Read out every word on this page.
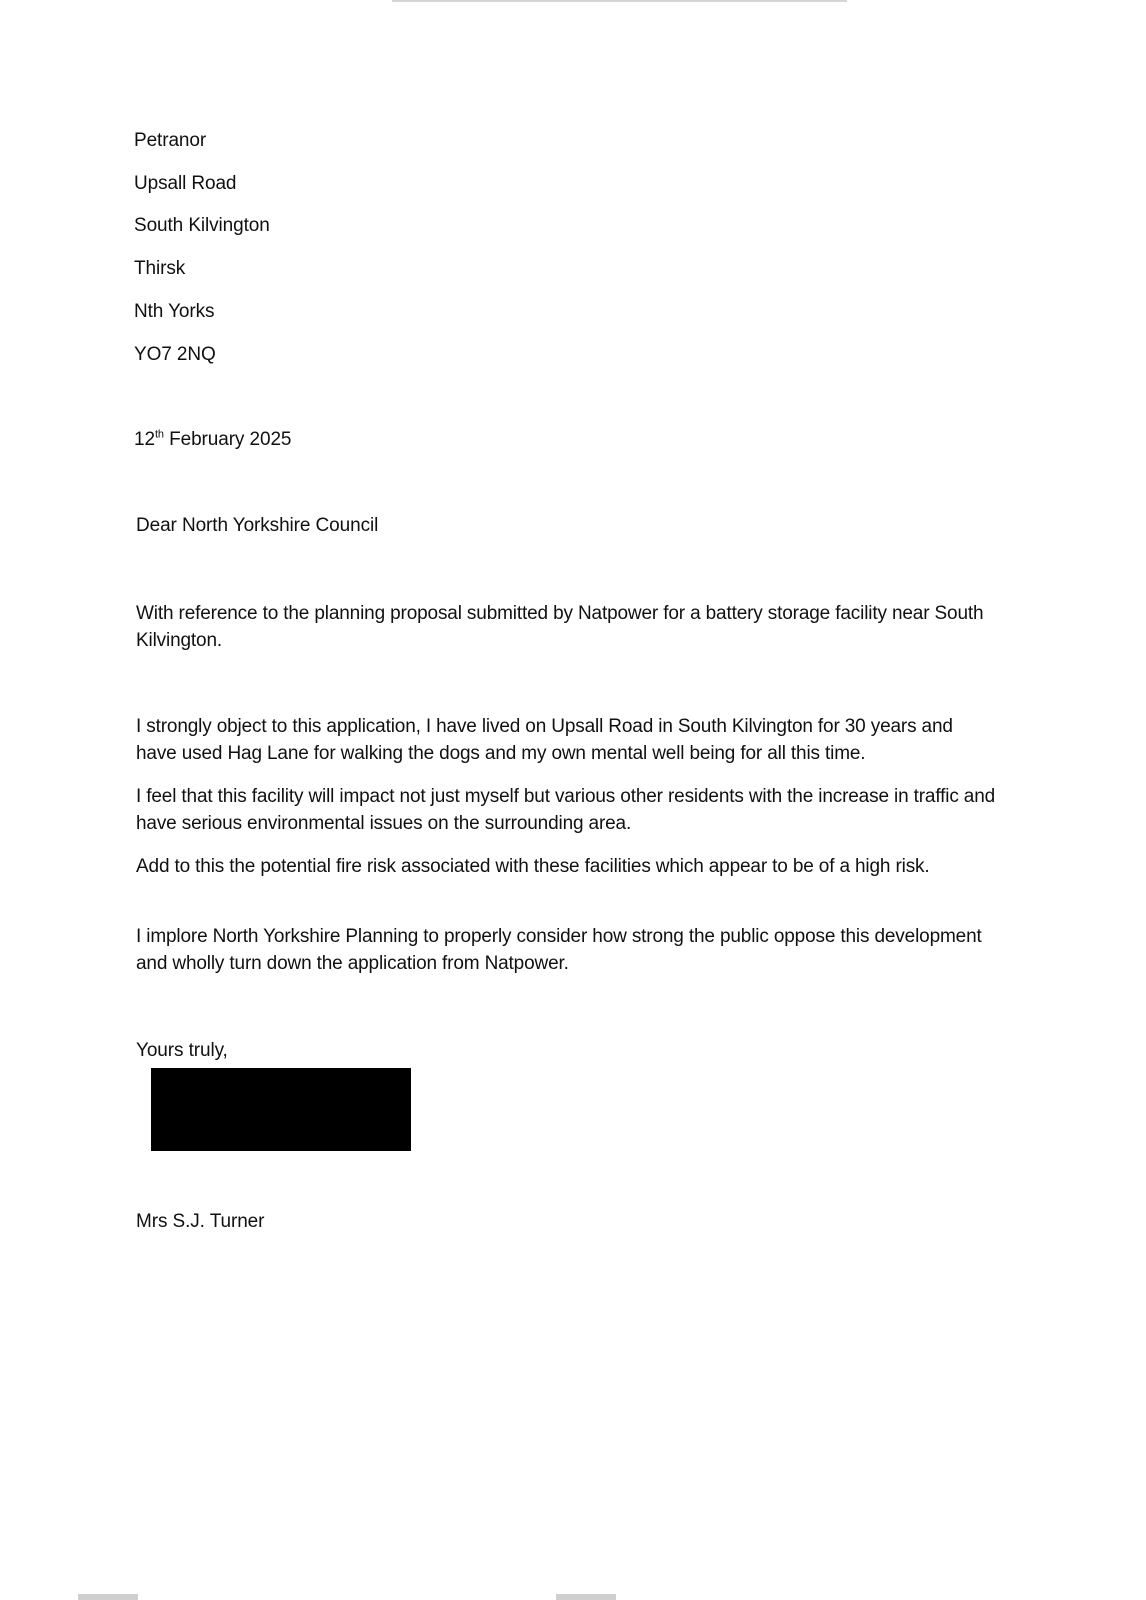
Petranor
Upsall Road
South Kilvington
Thirsk
Nth Yorks
YO7 2NQ
12th February 2025
Dear North Yorkshire Council
With reference to the planning proposal submitted by Natpower for a battery storage facility near South Kilvington.
I strongly object to this application, I have lived on Upsall Road in South Kilvington for 30 years and have used Hag Lane for walking the dogs and my own mental well being for all this time.
I feel that this facility will impact not just myself but various other residents with the increase in traffic and have serious environmental issues on the surrounding area.
Add to this the potential fire risk associated with these facilities which appear to be of a high risk.
I implore North Yorkshire Planning to properly consider how strong the public oppose this development and wholly turn down the application from Natpower.
Yours truly,
Mrs S.J. Turner
